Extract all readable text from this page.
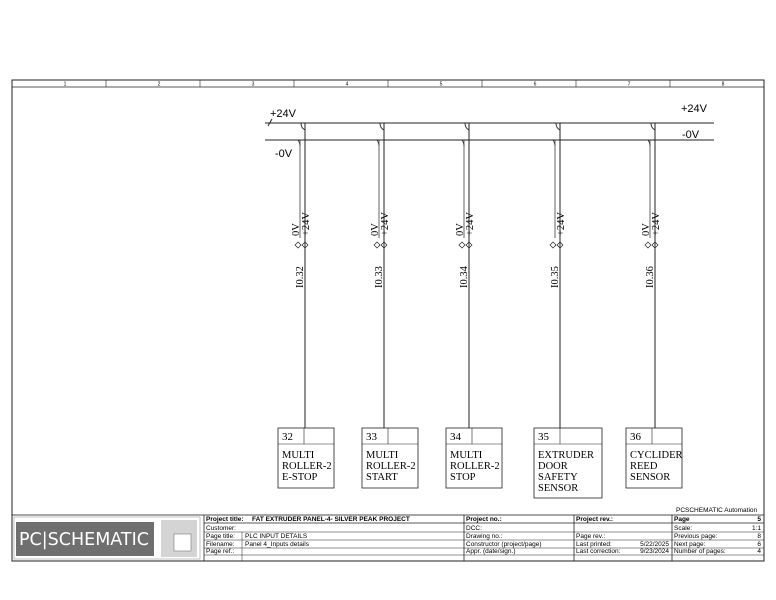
1	2	3	4	5	6	7	8
+24V	+24V
-0V
-0V
+24V
0V
I0.32
32
MULTI
ROLLER-2
E-STOP
+24V
0V
I0.33
33
MULTI
ROLLER-2
START
+24V
0V
I0.34
34
MULTI
ROLLER-2
STOP
+24V
I0.35
35
EXTRUDER
DOOR
SAFETY
SENSOR
+24V
0V
I0.36
36
CYCLIDER
REED
SENSOR
PCSCHEMATIC Automation
PC|SCHEMATIC
Project title: FAT EXTRUDER PANEL-4- SILVER PEAK PROJECT
Customer:
Page title: PLC INPUT DETAILS
Filename: Panel 4_Inputs details
Page ref.:
Project no.:
DCC:
Drawing no.:
Constructor (project/page)
Appr. (date/sign.)
Project rev.:
Page rev.:
Last printed:	5/22/2025
Last correction:	9/23/2024
Page	5
Scale:	1:1
Previous page:	8
Next page:	6
Number of pages:	4
